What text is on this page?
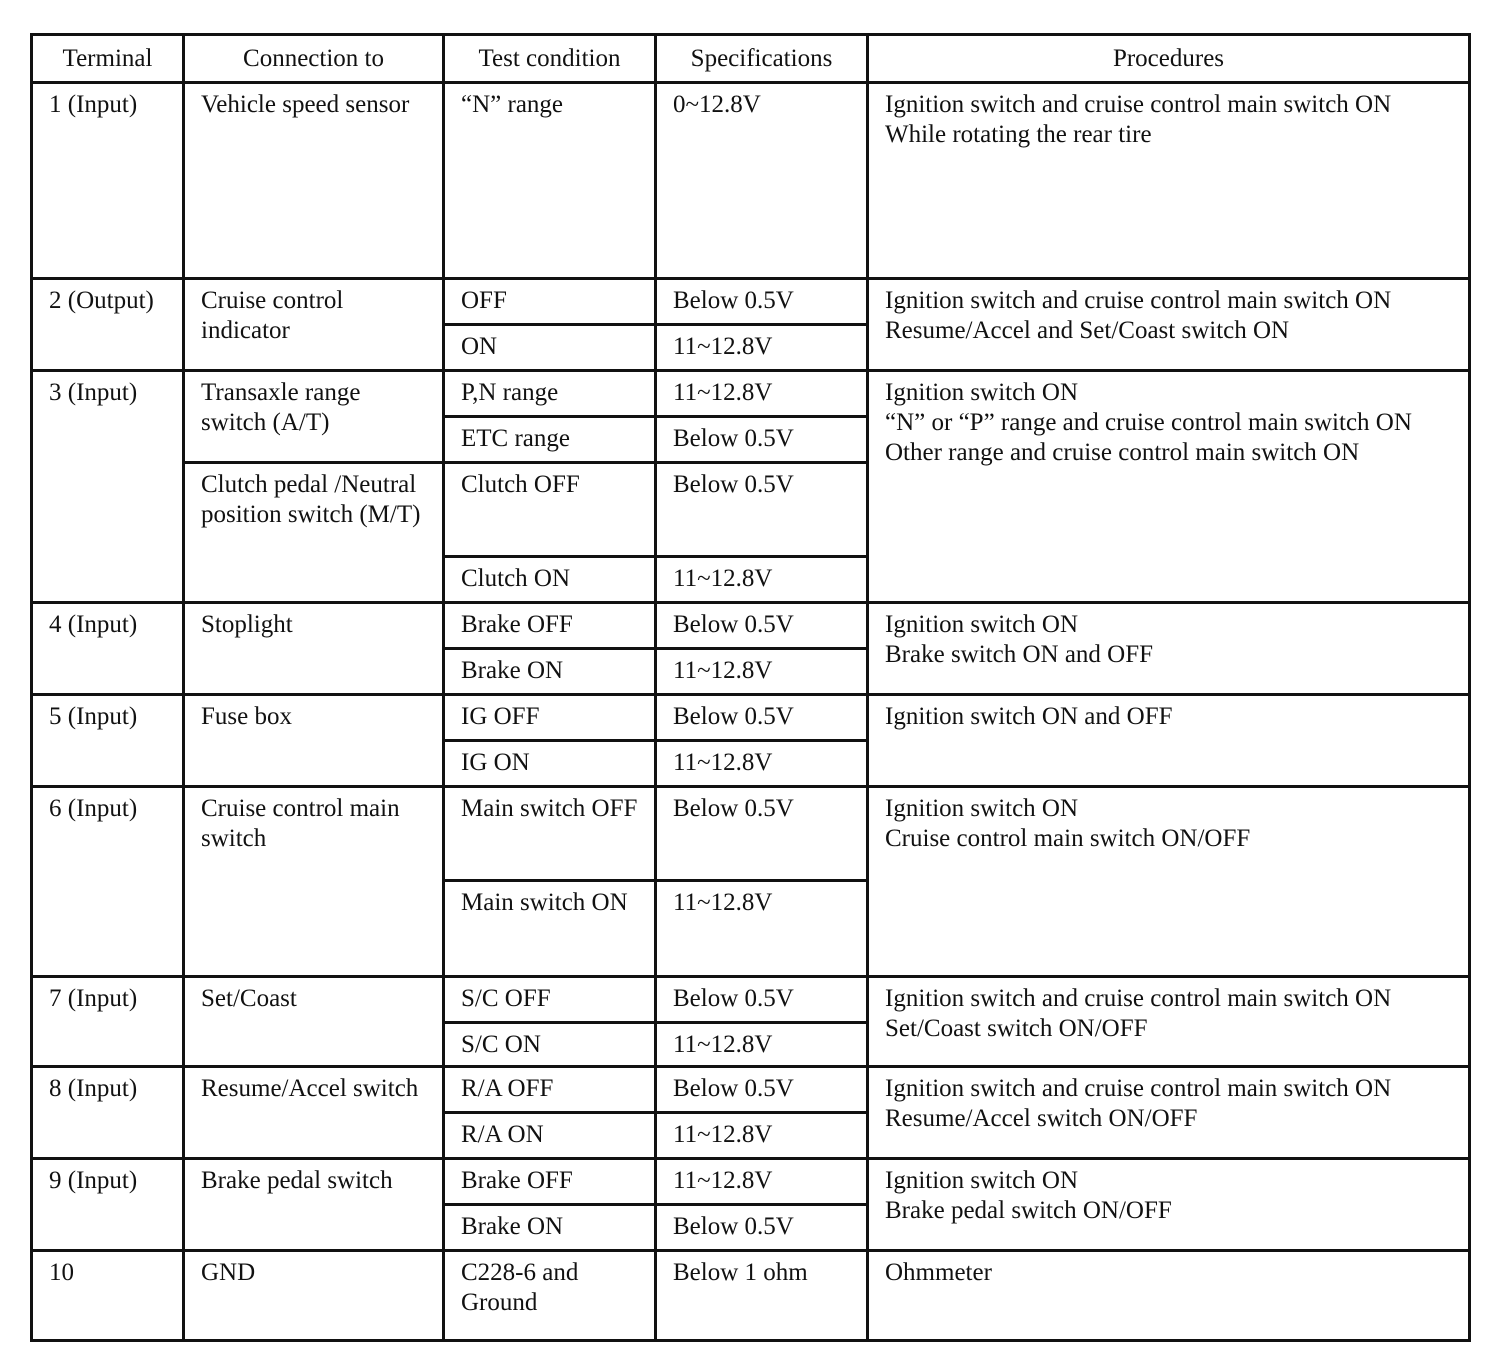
Terminal	Connection to	Test condition	Specifications	Procedures
1 (Input)	Vehicle speed sensor	“N” range	0~12.8V	Ignition switch and cruise control main switch ON
While rotating the rear tire

2 (Output)	Cruise control indicator	OFF	Below 0.5V	Ignition switch and cruise control main switch ON
Resume/Accel and Set/Coast switch ON

		ON	11~12.8V	
3 (Input)	Transaxle range switch (A/T)	P,N range	11~12.8V	Ignition switch ON
“N” or “P” range and cruise control main switch ON
Other range and cruise control main switch ON

		ETC range	Below 0.5V	
	Clutch pedal /Neutral position switch (M/T)	Clutch OFF	Below 0.5V	
		Clutch ON	11~12.8V	
4 (Input)	Stoplight	Brake OFF	Below 0.5V	Ignition switch ON
Brake switch ON and OFF

		Brake ON	11~12.8V	
5 (Input)	Fuse box	IG OFF	Below 0.5V	Ignition switch ON and OFF

		IG ON	11~12.8V	
6 (Input)	Cruise control main switch	Main switch OFF	Below 0.5V	Ignition switch ON
Cruise control main switch ON/OFF

		Main switch ON	11~12.8V	
7 (Input)	Set/Coast	S/C OFF	Below 0.5V	Ignition switch and cruise control main switch ON
Set/Coast switch ON/OFF

		S/C ON	11~12.8V	
8 (Input)	Resume/Accel switch	R/A OFF	Below 0.5V	Ignition switch and cruise control main switch ON
Resume/Accel switch ON/OFF

		R/A ON	11~12.8V	
9 (Input)	Brake pedal switch	Brake OFF	11~12.8V	Ignition switch ON
Brake pedal switch ON/OFF

		Brake ON	Below 0.5V	
10	GND	C228-6 and Ground	Below 1 ohm	Ohmmeter
